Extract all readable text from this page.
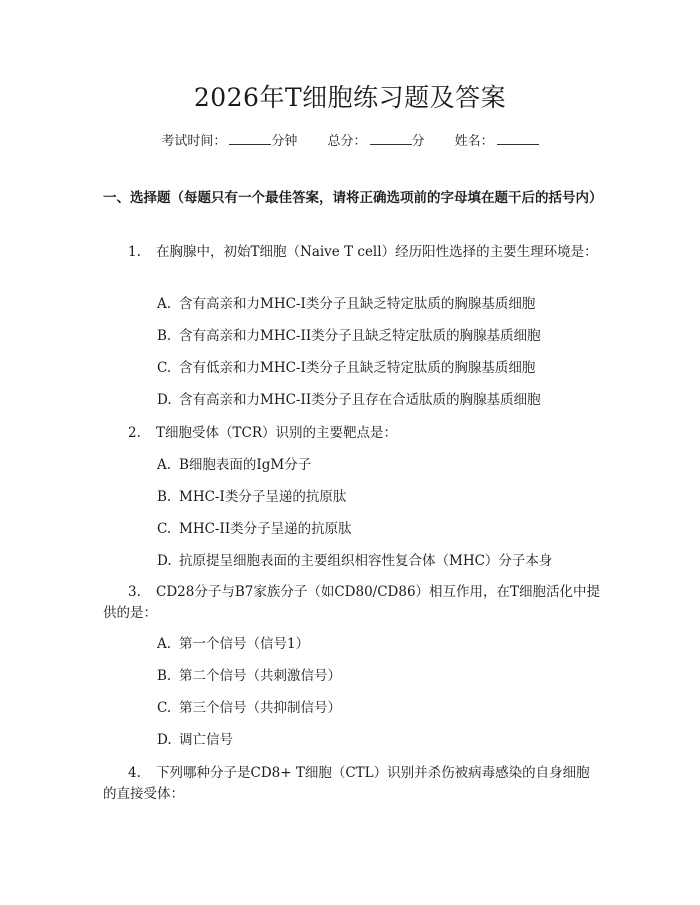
2026年T细胞练习题及答案
考试时间：	分钟 总分：	分 姓名：
一、选择题（每题只有一个最佳答案，请将正确选项前的字母填在题干后的括号内）
1. 在胸腺中，初始T细胞（Naive T cell）经历阳性选择的主要生理环境是：
A. 含有高亲和力MHC-I类分子且缺乏特定肽质的胸腺基质细胞
B. 含有高亲和力MHC-II类分子且缺乏特定肽质的胸腺基质细胞
C. 含有低亲和力MHC-I类分子且缺乏特定肽质的胸腺基质细胞
D. 含有高亲和力MHC-II类分子且存在合适肽质的胸腺基质细胞
2. T细胞受体（TCR）识别的主要靶点是：
A. B细胞表面的IgM分子
B. MHC-I类分子呈递的抗原肽
C. MHC-II类分子呈递的抗原肽
D. 抗原提呈细胞表面的主要组织相容性复合体（MHC）分子本身
3. CD28分子与B7家族分子（如CD80/CD86）相互作用，在T细胞活化中提供的是：
A. 第一个信号（信号1）
B. 第二个信号（共刺激信号）
C. 第三个信号（共抑制信号）
D. 调亡信号
4. 下列哪种分子是CD8+ T细胞（CTL）识别并杀伤被病毒感染的自身细胞的直接受体：
